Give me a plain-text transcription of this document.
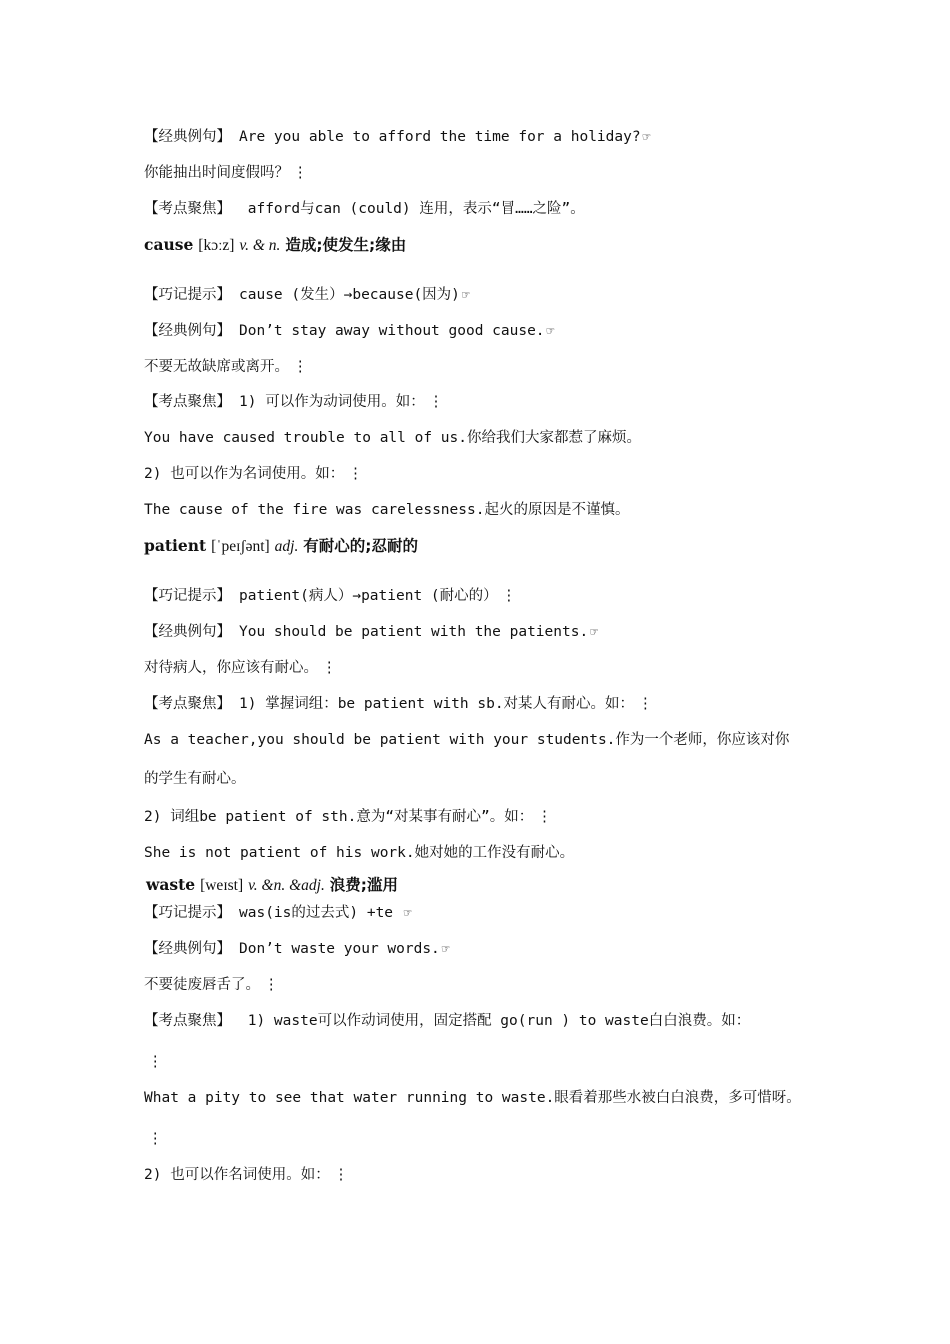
【经典例句】 Are you able to afford the time for a holiday? ☞
你能抽出时间度假吗？ ⋮
【考点聚焦】 afford与can (could) 连用，表示“冒……之险”。
cause [kɔːz] v. & n. 造成;使发生;缘由
【巧记提示】 cause (发生）→because(因为) ☞
【经典例句】 Don’t stay away without good cause. ☞
不要无故缺席或离开。 ⋮
【考点聚焦】 1) 可以作为动词使用。如： ⋮
You have caused trouble to all of us.你给我们大家都惹了麻烦。
2) 也可以作为名词使用。如： ⋮
The cause of the fire was carelessness.起火的原因是不谨慎。
patient [ˈpeɪʃənt] adj. 有耐心的;忍耐的
【巧记提示】 patient(病人）→patient (耐心的） ⋮
【经典例句】 You should be patient with the patients. ☞
对待病人，你应该有耐心。 ⋮
【考点聚焦】 1) 掌握词组：be patient with sb.对某人有耐心。如： ⋮
As a teacher,you should be patient with your students.作为一个老师，你应该对你
的学生有耐心。
2) 词组be patient of sth.意为“对某事有耐心”。如： ⋮
She is not patient of his work.她对她的工作没有耐心。
waste [weɪst] v. &n. &adj. 浪费;滥用
【巧记提示】 was(is的过去式) +te ☞
【经典例句】 Don’t waste your words. ☞
不要徒废唇舌了。 ⋮
【考点聚焦】 1) waste可以作动词使用，固定搭配 go(run ) to waste白白浪费。如：
⋮
What a pity to see that water running to waste.眼看着那些水被白白浪费，多可惜呀。
⋮
2) 也可以作名词使用。如： ⋮
